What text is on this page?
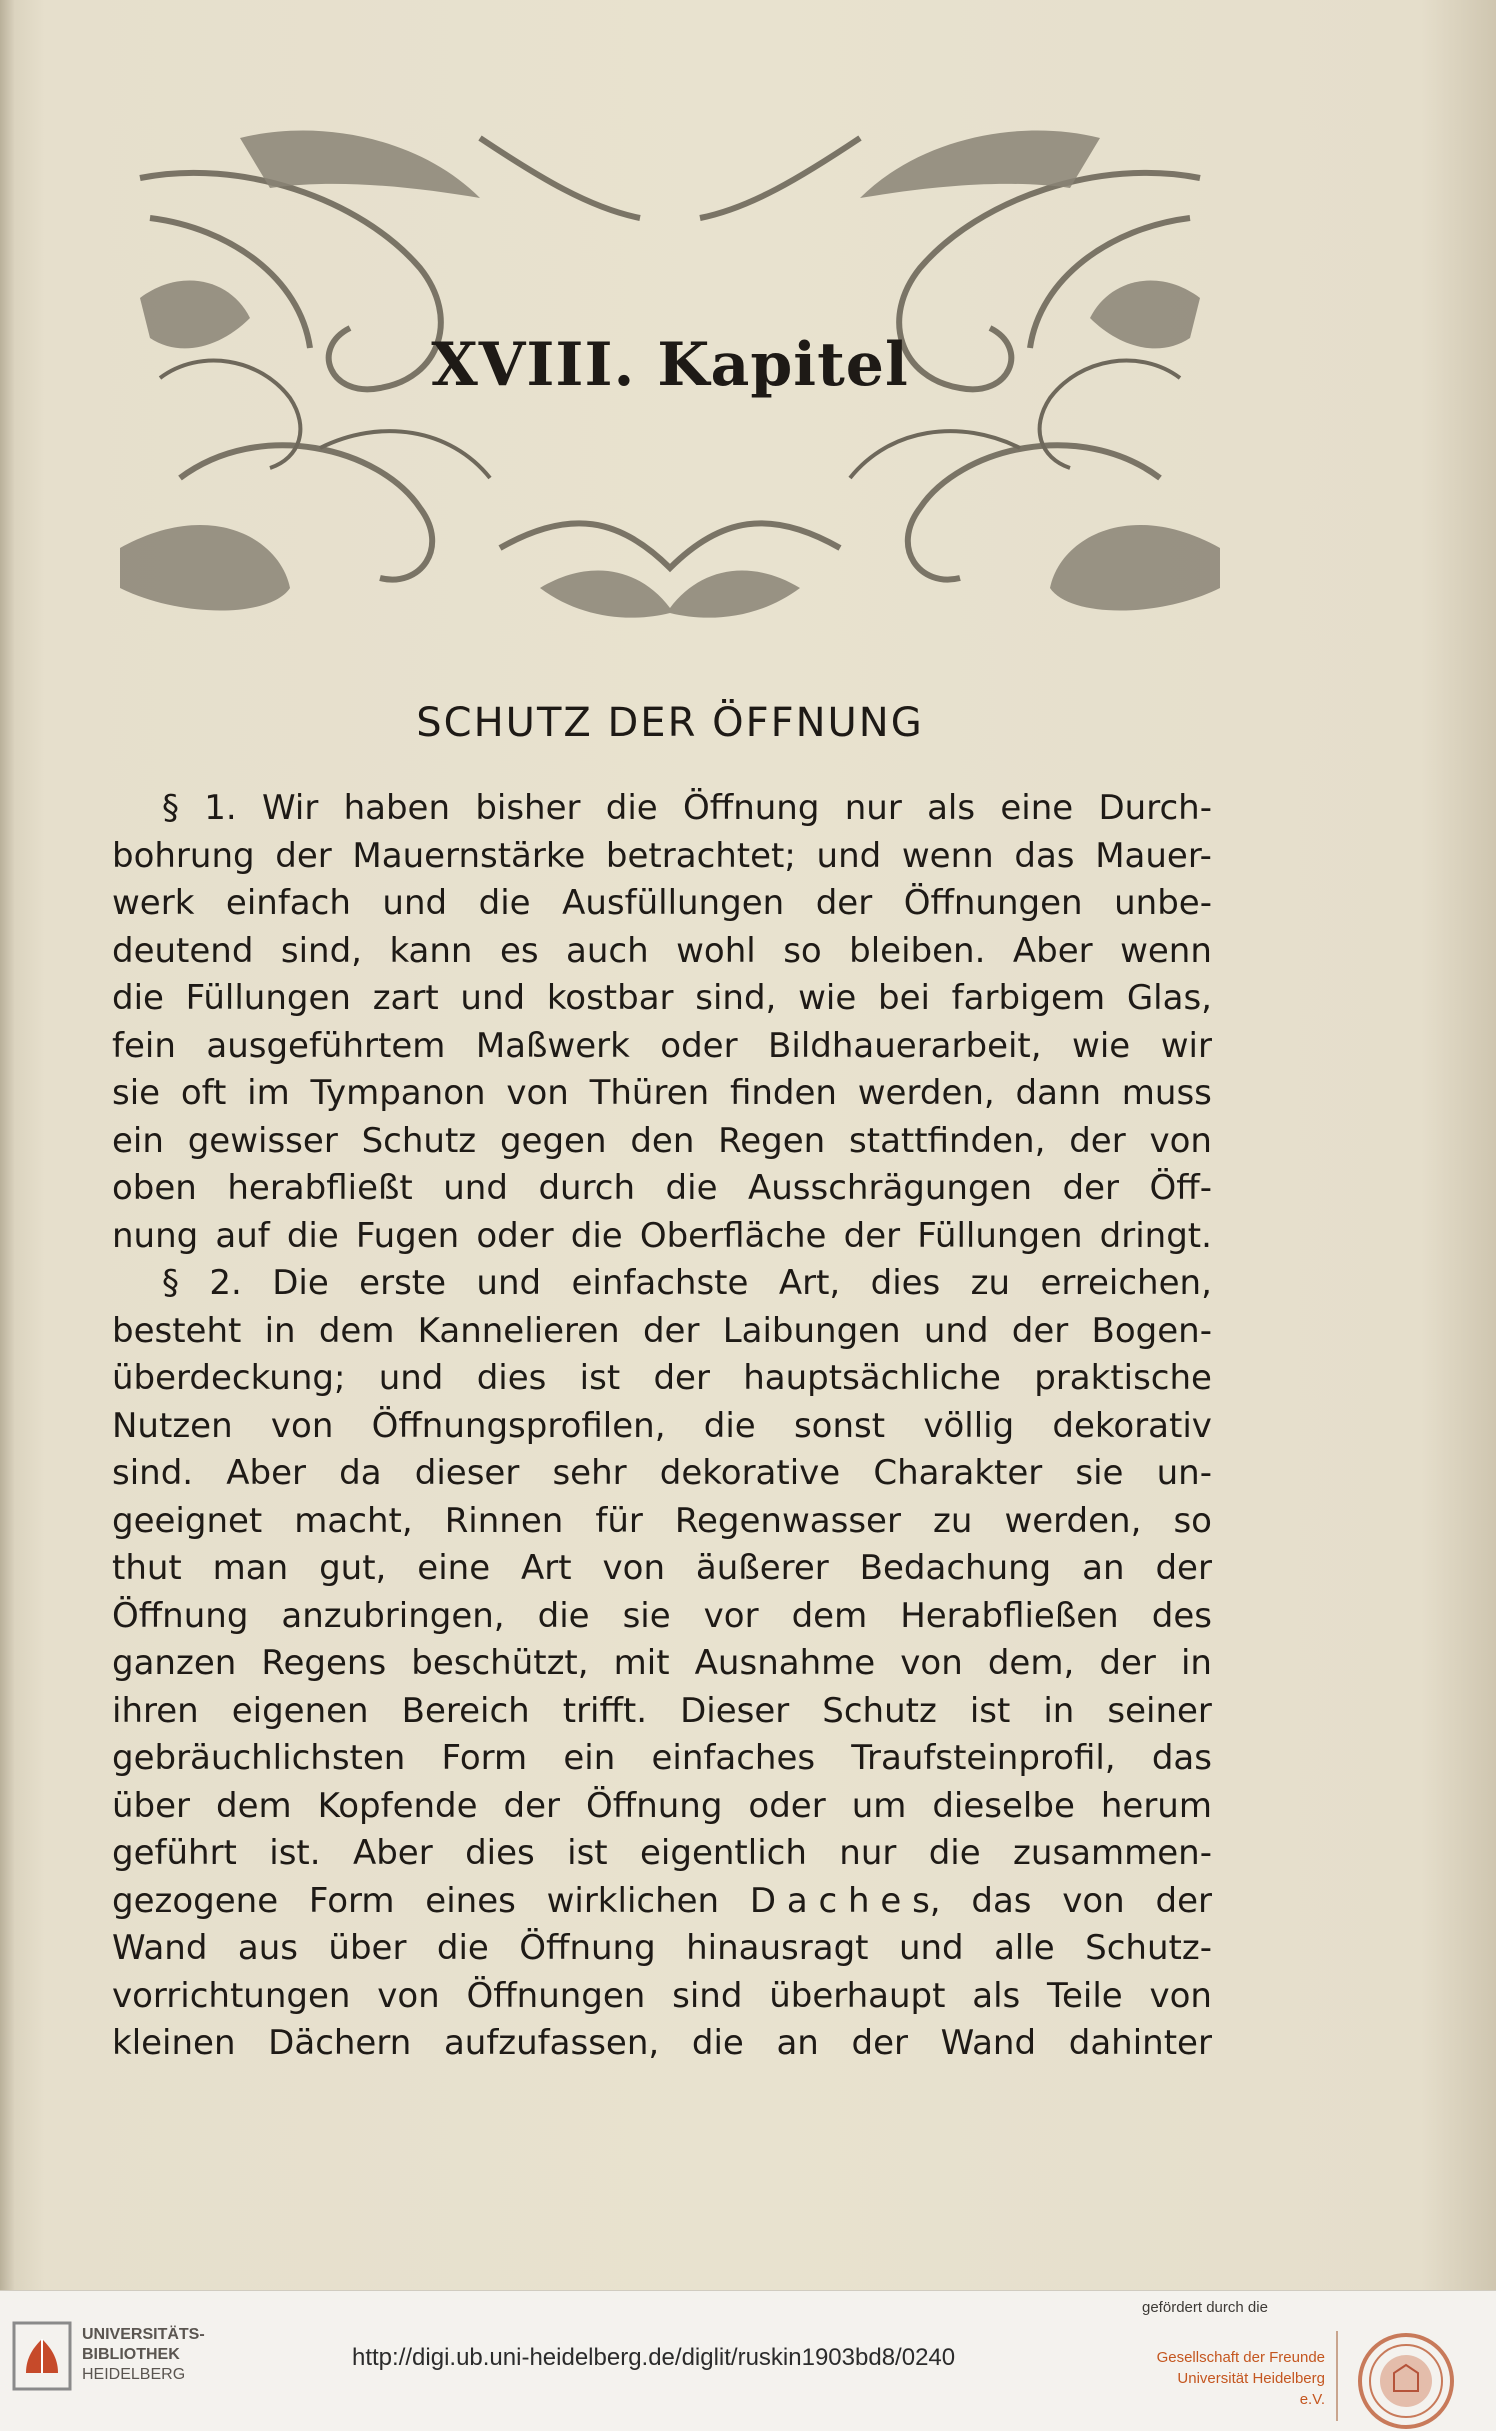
XVIII. Kapitel
SCHUTZ DER ÖFFNUNG
§ 1. Wir haben bisher die Öffnung nur als eine Durch-
bohrung der Mauernstärke betrachtet; und wenn das Mauer-
werk einfach und die Ausfüllungen der Öffnungen unbe-
deutend sind, kann es auch wohl so bleiben. Aber wenn
die Füllungen zart und kostbar sind, wie bei farbigem Glas,
fein ausgeführtem Maßwerk oder Bildhauerarbeit, wie wir
sie oft im Tympanon von Thüren finden werden, dann muss
ein gewisser Schutz gegen den Regen stattfinden, der von
oben herabfließt und durch die Ausschrägungen der Öff-
nung auf die Fugen oder die Oberfläche der Füllungen dringt.
§ 2. Die erste und einfachste Art, dies zu erreichen,
besteht in dem Kannelieren der Laibungen und der Bogen-
überdeckung; und dies ist der hauptsächliche praktische
Nutzen von Öffnungsprofilen, die sonst völlig dekorativ
sind. Aber da dieser sehr dekorative Charakter sie un-
geeignet macht, Rinnen für Regenwasser zu werden, so
thut man gut, eine Art von äußerer Bedachung an der
Öffnung anzubringen, die sie vor dem Herabfließen des
ganzen Regens beschützt, mit Ausnahme von dem, der in
ihren eigenen Bereich trifft. Dieser Schutz ist in seiner
gebräuchlichsten Form ein einfaches Traufsteinprofil, das
über dem Kopfende der Öffnung oder um dieselbe herum
geführt ist. Aber dies ist eigentlich nur die zusammen-
gezogene Form eines wirklichen D a c h e s, das von der
Wand aus über die Öffnung hinausragt und alle Schutz-
vorrichtungen von Öffnungen sind überhaupt als Teile von
kleinen Dächern aufzufassen, die an der Wand dahinter
UNIVERSITÄTS-
BIBLIOTHEK
HEIDELBERG
http://digi.ub.uni-heidelberg.de/diglit/ruskin1903bd8/0240
gefördert durch die
Gesellschaft der Freunde
Universität Heidelberg e.V.
